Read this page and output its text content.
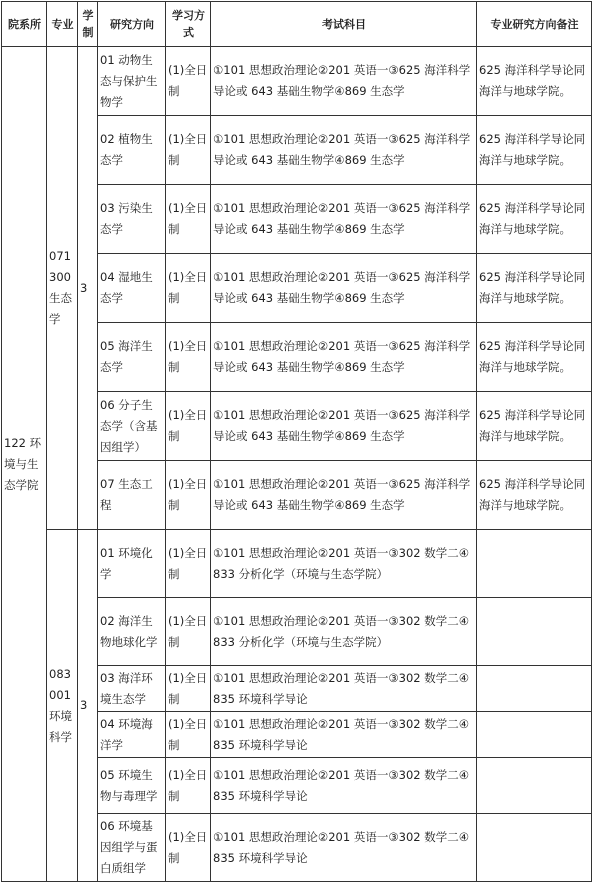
院系所	专业	学制	研究方向	学习方式	考试科目	专业研究方向备注
122 环境与生态学院	071300 生态学	3	01 动物生态与保护生物学	(1)全日制	①101 思想政治理论②201 英语一③625 海洋科学导论或 643 基础生物学④869 生态学	625 海洋科学导论同海洋与地球学院。
			02 植物生态学	(1)全日制	①101 思想政治理论②201 英语一③625 海洋科学导论或 643 基础生物学④869 生态学	625 海洋科学导论同海洋与地球学院。
			03 污染生态学	(1)全日制	①101 思想政治理论②201 英语一③625 海洋科学导论或 643 基础生物学④869 生态学	625 海洋科学导论同海洋与地球学院。
			04 湿地生态学	(1)全日制	①101 思想政治理论②201 英语一③625 海洋科学导论或 643 基础生物学④869 生态学	625 海洋科学导论同海洋与地球学院。
			05 海洋生态学	(1)全日制	①101 思想政治理论②201 英语一③625 海洋科学导论或 643 基础生物学④869 生态学	625 海洋科学导论同海洋与地球学院。
			06 分子生态学（含基因组学）	(1)全日制	①101 思想政治理论②201 英语一③625 海洋科学导论或 643 基础生物学④869 生态学	625 海洋科学导论同海洋与地球学院。
			07 生态工程	(1)全日制	①101 思想政治理论②201 英语一③625 海洋科学导论或 643 基础生物学④869 生态学	625 海洋科学导论同海洋与地球学院。
	083001 环境科学	3	01 环境化学	(1)全日制	①101 思想政治理论②201 英语一③302 数学二④833 分析化学（环境与生态学院）	
			02 海洋生物地球化学	(1)全日制	①101 思想政治理论②201 英语一③302 数学二④833 分析化学（环境与生态学院）	
			03 海洋环境生态学	(1)全日制	①101 思想政治理论②201 英语一③302 数学二④835 环境科学导论	
			04 环境海洋学	(1)全日制	①101 思想政治理论②201 英语一③302 数学二④835 环境科学导论	
			05 环境生物与毒理学	(1)全日制	①101 思想政治理论②201 英语一③302 数学二④835 环境科学导论	
			06 环境基因组学与蛋白质组学	(1)全日制	①101 思想政治理论②201 英语一③302 数学二④835 环境科学导论	
